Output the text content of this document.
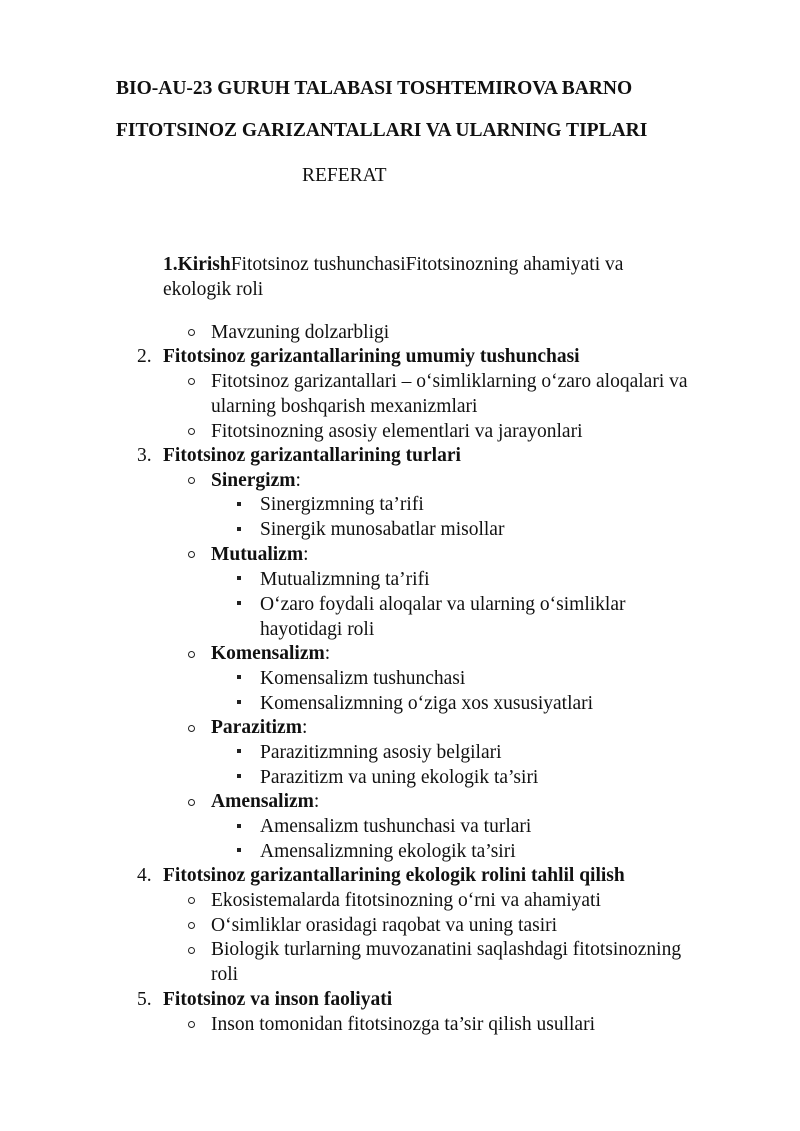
BIO-AU-23 GURUH TALABASI TOSHTEMIROVA BARNO
FITOTSINOZ GARIZANTALLARI VA ULARNING TIPLARI
REFERAT
1.KirishFitotsinoz tushunchasiFitotsinozning ahamiyati va
ekologik roli
Mavzuning dolzarbligi
2. Fitotsinoz garizantallarining umumiy tushunchasi
Fitotsinoz garizantallari – o‘simliklarning o‘zaro aloqalari va
ularning boshqarish mexanizmlari
Fitotsinozning asosiy elementlari va jarayonlari
3. Fitotsinoz garizantallarining turlari
Sinergizm:
Sinergizmning ta’rifi
Sinergik munosabatlar misollar
Mutualizm:
Mutualizmning ta’rifi
O‘zaro foydali aloqalar va ularning o‘simliklar
hayotidagi roli
Komensalizm:
Komensalizm tushunchasi
Komensalizmning o‘ziga xos xususiyatlari
Parazitizm:
Parazitizmning asosiy belgilari
Parazitizm va uning ekologik ta’siri
Amensalizm:
Amensalizm tushunchasi va turlari
Amensalizmning ekologik ta’siri
4. Fitotsinoz garizantallarining ekologik rolini tahlil qilish
Ekosistemalarda fitotsinozning o‘rni va ahamiyati
O‘simliklar orasidagi raqobat va uning tasiri
Biologik turlarning muvozanatini saqlashdagi fitotsinozning
roli
5. Fitotsinoz va inson faoliyati
Inson tomonidan fitotsinozga ta’sir qilish usullari
